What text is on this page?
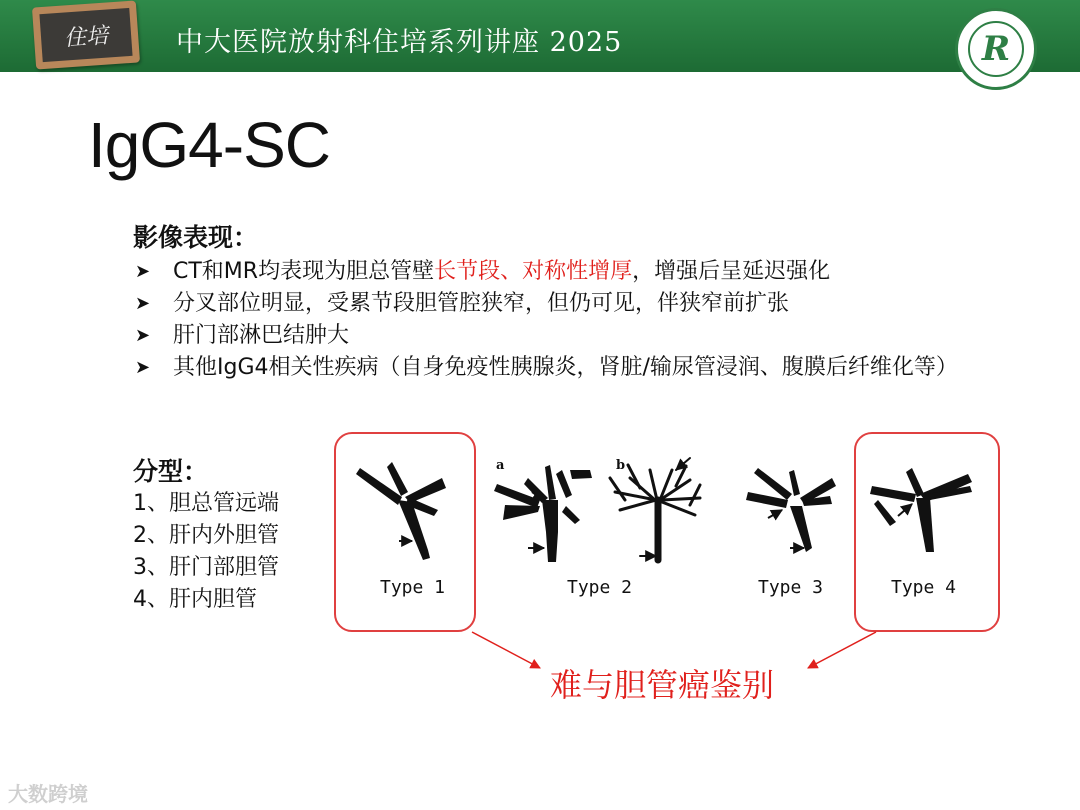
住培	中大医院放射科住培系列讲座 2025	R
IgG4-SC
影像表现：
➤ CT和MR均表现为胆总管壁长节段、对称性增厚，增强后呈延迟强化
➤ 分叉部位明显，受累节段胆管腔狭窄，但仍可见，伴狭窄前扩张
➤ 肝门部淋巴结肿大
➤ 其他IgG4相关性疾病（自身免疫性胰腺炎，肾脏/输尿管浸润、腹膜后纤维化等）
分型：
1、胆总管远端
2、肝内外胆管
3、肝门部胆管
4、肝内胆管
a	b
Type 1	Type 2	Type 3	Type 4
难与胆管癌鉴别
大数跨境
